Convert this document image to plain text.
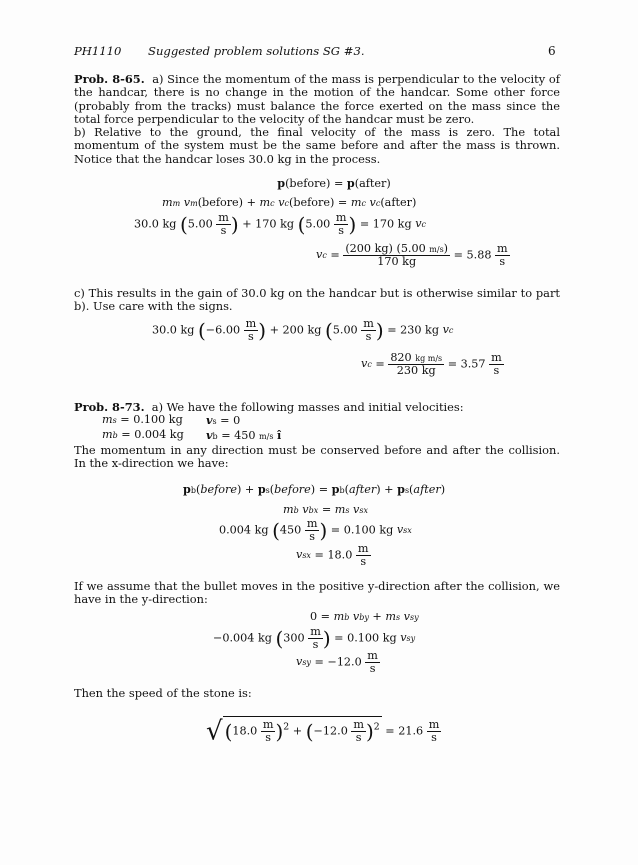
PH1110 Suggested problem solutions SG #3.	6
Prob. 8-65. a) Since the momentum of the mass is perpendicular to the velocity of the handcar, there is no change in the motion of the handcar. Some other force (probably from the tracks) must balance the force exerted on the mass since the total force perpendicular to the velocity of the handcar must be zero.
b) Relative to the ground, the final velocity of the mass is zero. The total momentum of the system must be the same before and after the mass is thrown. Notice that the handcar loses 30.0 kg in the process.
p(before) = p(after)
mm vm(before) + mc vc(before) = mc vc(after)
30.0 kg ($5.00 \frac{m}{s}$ ) + 170 kg ($5.00 \frac{m}{s}$ ) = 170 kg vc
vc = $\frac{(200 kg) (5.00 m/s)}{170 kg} = 5.88 \frac{m}{s}$
c) This results in the gain of 30.0 kg on the handcar but is otherwise similar to part b). Use care with the signs.
30.0 kg ($-6.00 \frac{m}{s}$ ) + 200 kg ($5.00 \frac{m}{s}$ ) = 230 kg vc
vc = $\frac{\text{820 kg m/s}}{230 kg} = 3.57 \frac{m}{s}$
Prob. 8-73. a) We have the following masses and initial velocities:
ms = 0.100 kg vs = 0
mb = 0.004 kg vb = 450 m/s î
The momentum in any direction must be conserved before and after the collision. In the x-direction we have:
pb(before) + ps(before) = pb(after) + ps(after)
mb vbx = ms vsx
0.004 kg ($450 \frac{m}{s}$ ) = 0.100 kg vsx
vsx = $18.0 \frac{m}{s}$
If we assume that the bullet moves in the positive y-direction after the collision, we have in the y-direction:
0 = mb vby + ms vsy
−0.004 kg ($300 \frac{m}{s}$ ) = 0.100 kg vsy
vsy = $-12.0 \frac{m}{s}$
Then the speed of the stone is:
√ $(18.0 \frac{m}{s} )^2 + (-12.0 \frac{m}{s} )^2 = 21.6 \frac{m}{s}$
